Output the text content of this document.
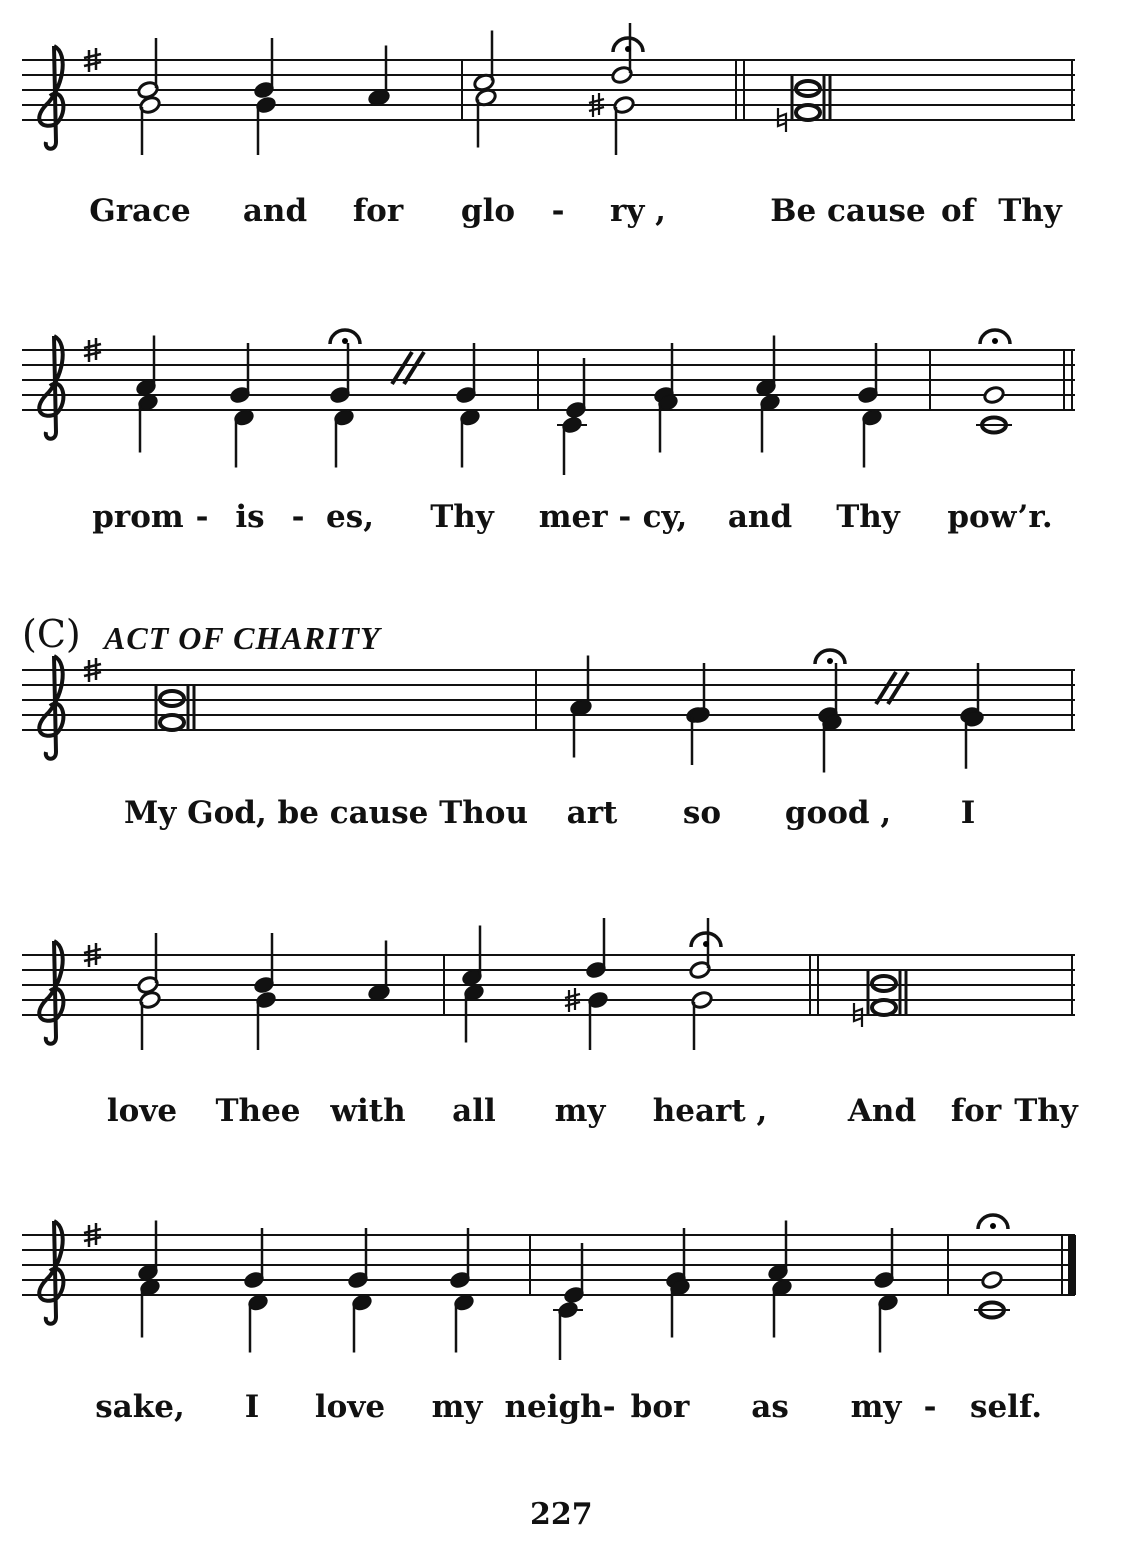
(C) ACT OF CHARITY
Grace and for glo - ry ,	Be cause of Thy
prom - is - es, Thy mer - cy, and Thy pow’r.
My God, be cause Thou art so good , I
love Thee with all my heart ,	And for Thy
sake, I love my neigh- bor as my - self.
227
